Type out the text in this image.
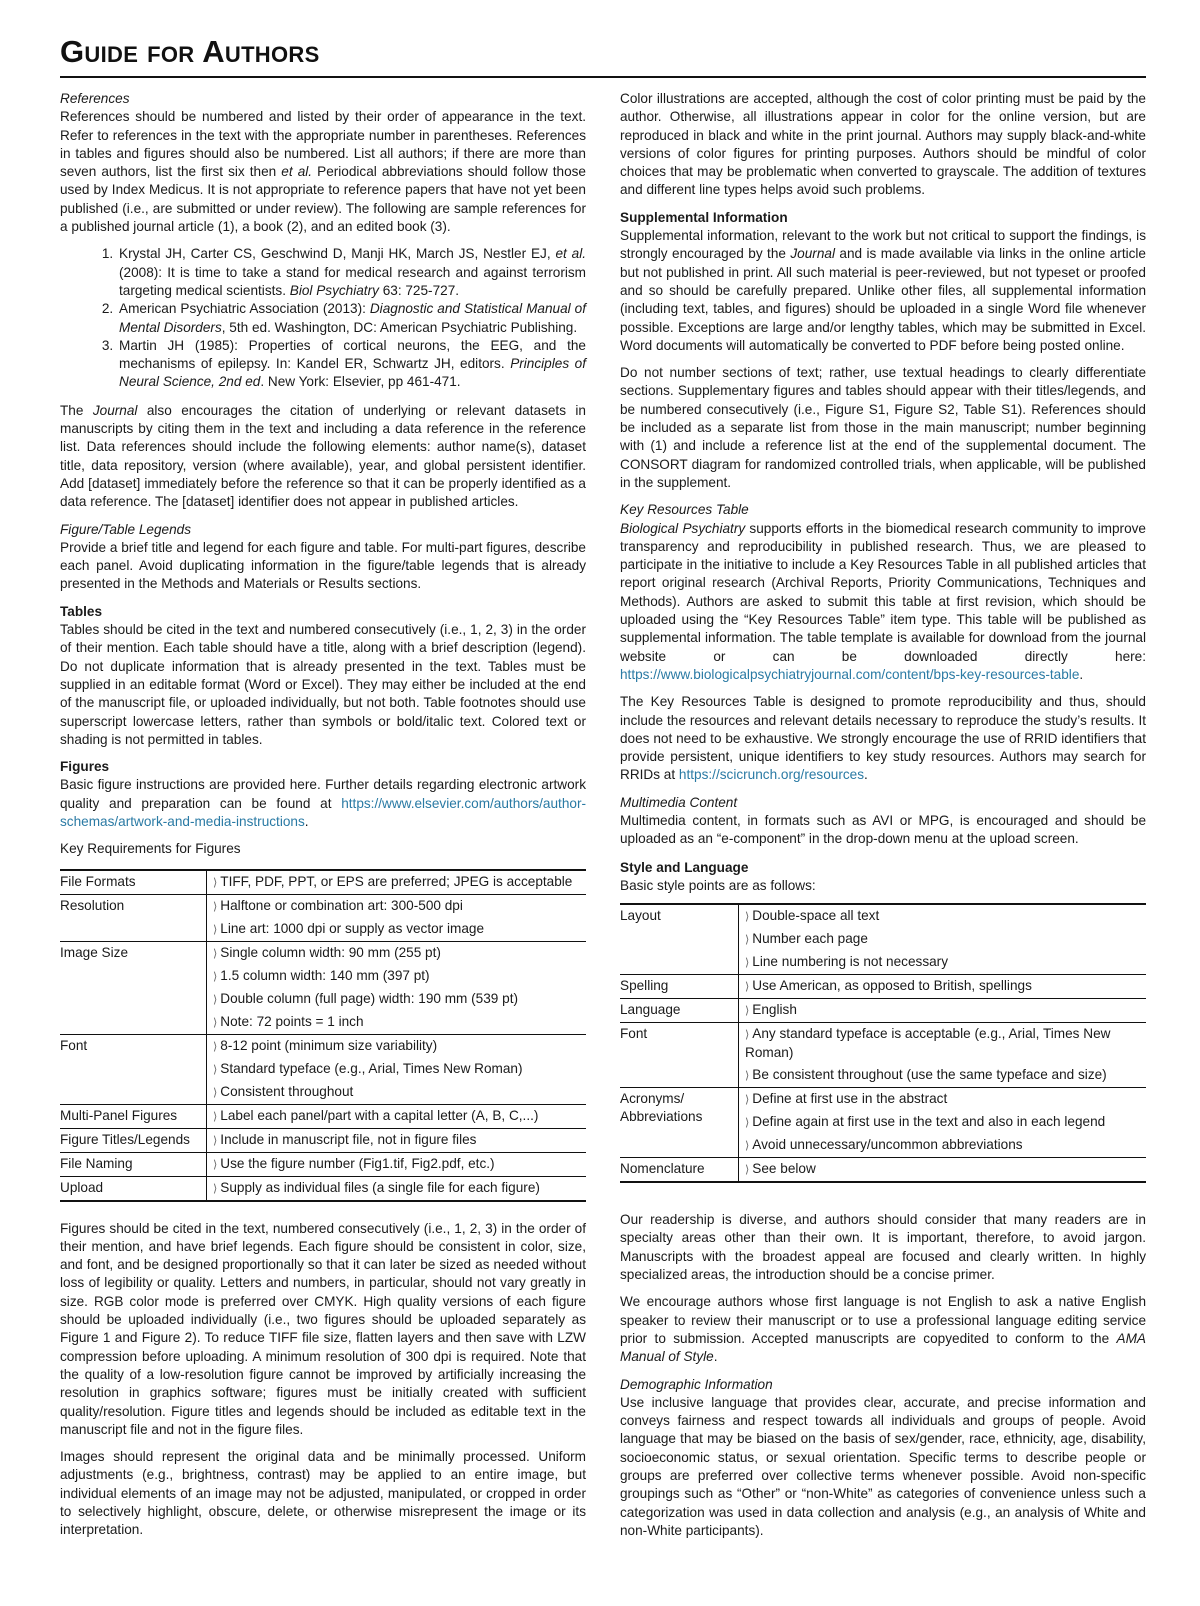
Guide for Authors
References

References should be numbered and listed by their order of appearance in the text. Refer to references in the text with the appropriate number in parentheses. References in tables and figures should also be numbered. List all authors; if there are more than seven authors, list the first six then et al. Periodical abbreviations should follow those used by Index Medicus. It is not appropriate to reference papers that have not yet been published (i.e., are submitted or under review). The following are sample references for a published journal article (1), a book (2), and an edited book (3).

1. Krystal JH, Carter CS, Geschwind D, Manji HK, March JS, Nestler EJ, et al. (2008): It is time to take a stand for medical research and against terrorism targeting medical scientists. Biol Psychiatry 63: 725-727.
2. American Psychiatric Association (2013): Diagnostic and Statistical Manual of Mental Disorders, 5th ed. Washington, DC: American Psychiatric Publishing.
3. Martin JH (1985): Properties of cortical neurons, the EEG, and the mechanisms of epilepsy. In: Kandel ER, Schwartz JH, editors. Principles of Neural Science, 2nd ed. New York: Elsevier, pp 461-471.

The Journal also encourages the citation of underlying or relevant datasets in manuscripts by citing them in the text and including a data reference in the reference list. Data references should include the following elements: author name(s), dataset title, data repository, version (where available), year, and global persistent identifier. Add [dataset] immediately before the reference so that it can be properly identified as a data reference. The [dataset] identifier does not appear in published articles.

Figure/Table Legends

Provide a brief title and legend for each figure and table. For multi-part figures, describe each panel. Avoid duplicating information in the figure/table legends that is already presented in the Methods and Materials or Results sections.

Tables

Tables should be cited in the text and numbered consecutively (i.e., 1, 2, 3) in the order of their mention. Each table should have a title, along with a brief description (legend). Do not duplicate information that is already presented in the text. Tables must be supplied in an editable format (Word or Excel). They may either be included at the end of the manuscript file, or uploaded individually, but not both. Table footnotes should use superscript lowercase letters, rather than symbols or bold/italic text. Colored text or shading is not permitted in tables.

Figures

Basic figure instructions are provided here. Further details regarding electronic artwork quality and preparation can be found at https://www.elsevier.com/authors/author-schemas/artwork-and-media-instructions.

Key Requirements for Figures
File Formats	⟩ TIFF, PDF, PPT, or EPS are preferred; JPEG is acceptable
Resolution	⟩ Halftone or combination art: 300-500 dpi
	⟩ Line art: 1000 dpi or supply as vector image
Image Size	⟩ Single column width: 90 mm (255 pt)
	⟩ 1.5 column width: 140 mm (397 pt)
	⟩ Double column (full page) width: 190 mm (539 pt)
	⟩ Note: 72 points = 1 inch
Font	⟩ 8-12 point (minimum size variability)
	⟩ Standard typeface (e.g., Arial, Times New Roman)
	⟩ Consistent throughout
Multi-Panel Figures	⟩ Label each panel/part with a capital letter (A, B, C,...)
Figure Titles/Legends	⟩ Include in manuscript file, not in figure files
File Naming	⟩ Use the figure number (Fig1.tif, Fig2.pdf, etc.)
Upload	⟩ Supply as individual files (a single file for each figure)

Figures should be cited in the text, numbered consecutively (i.e., 1, 2, 3) in the order of their mention, and have brief legends. Each figure should be consistent in color, size, and font, and be designed proportionally so that it can later be sized as needed without loss of legibility or quality. Letters and numbers, in particular, should not vary greatly in size. RGB color mode is preferred over CMYK. High quality versions of each figure should be uploaded individually (i.e., two figures should be uploaded separately as Figure 1 and Figure 2). To reduce TIFF file size, flatten layers and then save with LZW compression before uploading. A minimum resolution of 300 dpi is required. Note that the quality of a low-resolution figure cannot be improved by artificially increasing the resolution in graphics software; figures must be initially created with sufficient quality/resolution. Figure titles and legends should be included as editable text in the manuscript file and not in the figure files.

Images should represent the original data and be minimally processed. Uniform adjustments (e.g., brightness, contrast) may be applied to an entire image, but individual elements of an image may not be adjusted, manipulated, or cropped in order to selectively highlight, obscure, delete, or otherwise misrepresent the image or its interpretation.

Color illustrations are accepted, although the cost of color printing must be paid by the author. Otherwise, all illustrations appear in color for the online version, but are reproduced in black and white in the print journal. Authors may supply black-and-white versions of color figures for printing purposes. Authors should be mindful of color choices that may be problematic when converted to grayscale. The addition of textures and different line types helps avoid such problems.

Supplemental Information

Supplemental information, relevant to the work but not critical to support the findings, is strongly encouraged by the Journal and is made available via links in the online article but not published in print. All such material is peer-reviewed, but not typeset or proofed and so should be carefully prepared. Unlike other files, all supplemental information (including text, tables, and figures) should be uploaded in a single Word file whenever possible. Exceptions are large and/or lengthy tables, which may be submitted in Excel. Word documents will automatically be converted to PDF before being posted online.

Do not number sections of text; rather, use textual headings to clearly differentiate sections. Supplementary figures and tables should appear with their titles/legends, and be numbered consecutively (i.e., Figure S1, Figure S2, Table S1). References should be included as a separate list from those in the main manuscript; number beginning with (1) and include a reference list at the end of the supplemental document. The CONSORT diagram for randomized controlled trials, when applicable, will be published in the supplement.

Key Resources Table

Biological Psychiatry supports efforts in the biomedical research community to improve transparency and reproducibility in published research. Thus, we are pleased to participate in the initiative to include a Key Resources Table in all published articles that report original research (Archival Reports, Priority Communications, Techniques and Methods). Authors are asked to submit this table at first revision, which should be uploaded using the “Key Resources Table” item type. This table will be published as supplemental information. The table template is available for download from the journal website or can be downloaded directly here: https://www.biologicalpsychiatryjournal.com/content/bps-key-resources-table.

The Key Resources Table is designed to promote reproducibility and thus, should include the resources and relevant details necessary to reproduce the study’s results. It does not need to be exhaustive. We strongly encourage the use of RRID identifiers that provide persistent, unique identifiers to key study resources. Authors may search for RRIDs at https://scicrunch.org/resources.

Multimedia Content

Multimedia content, in formats such as AVI or MPG, is encouraged and should be uploaded as an “e-component” in the drop-down menu at the upload screen.

Style and Language
Basic style points are as follows:
Layout	⟩ Double-space all text
	⟩ Number each page
	⟩ Line numbering is not necessary
Spelling	⟩ Use American, as opposed to British, spellings
Language	⟩ English
Font	⟩ Any standard typeface is acceptable (e.g., Arial, Times New Roman)
	⟩ Be consistent throughout (use the same typeface and size)
Acronyms/ Abbreviations	⟩ Define at first use in the abstract
	⟩ Define again at first use in the text and also in each legend
	⟩ Avoid unnecessary/uncommon abbreviations
Nomenclature	⟩ See below

Our readership is diverse, and authors should consider that many readers are in specialty areas other than their own. It is important, therefore, to avoid jargon. Manuscripts with the broadest appeal are focused and clearly written. In highly specialized areas, the introduction should be a concise primer.

We encourage authors whose first language is not English to ask a native English speaker to review their manuscript or to use a professional language editing service prior to submission. Accepted manuscripts are copyedited to conform to the AMA Manual of Style.

Demographic Information

Use inclusive language that provides clear, accurate, and precise information and conveys fairness and respect towards all individuals and groups of people. Avoid language that may be biased on the basis of sex/gender, race, ethnicity, age, disability, socioeconomic status, or sexual orientation. Specific terms to describe people or groups are preferred over collective terms whenever possible. Avoid non-specific groupings such as “Other” or “non-White” as categories of convenience unless such a categorization was used in data collection and analysis (e.g., an analysis of White and non-White participants).
